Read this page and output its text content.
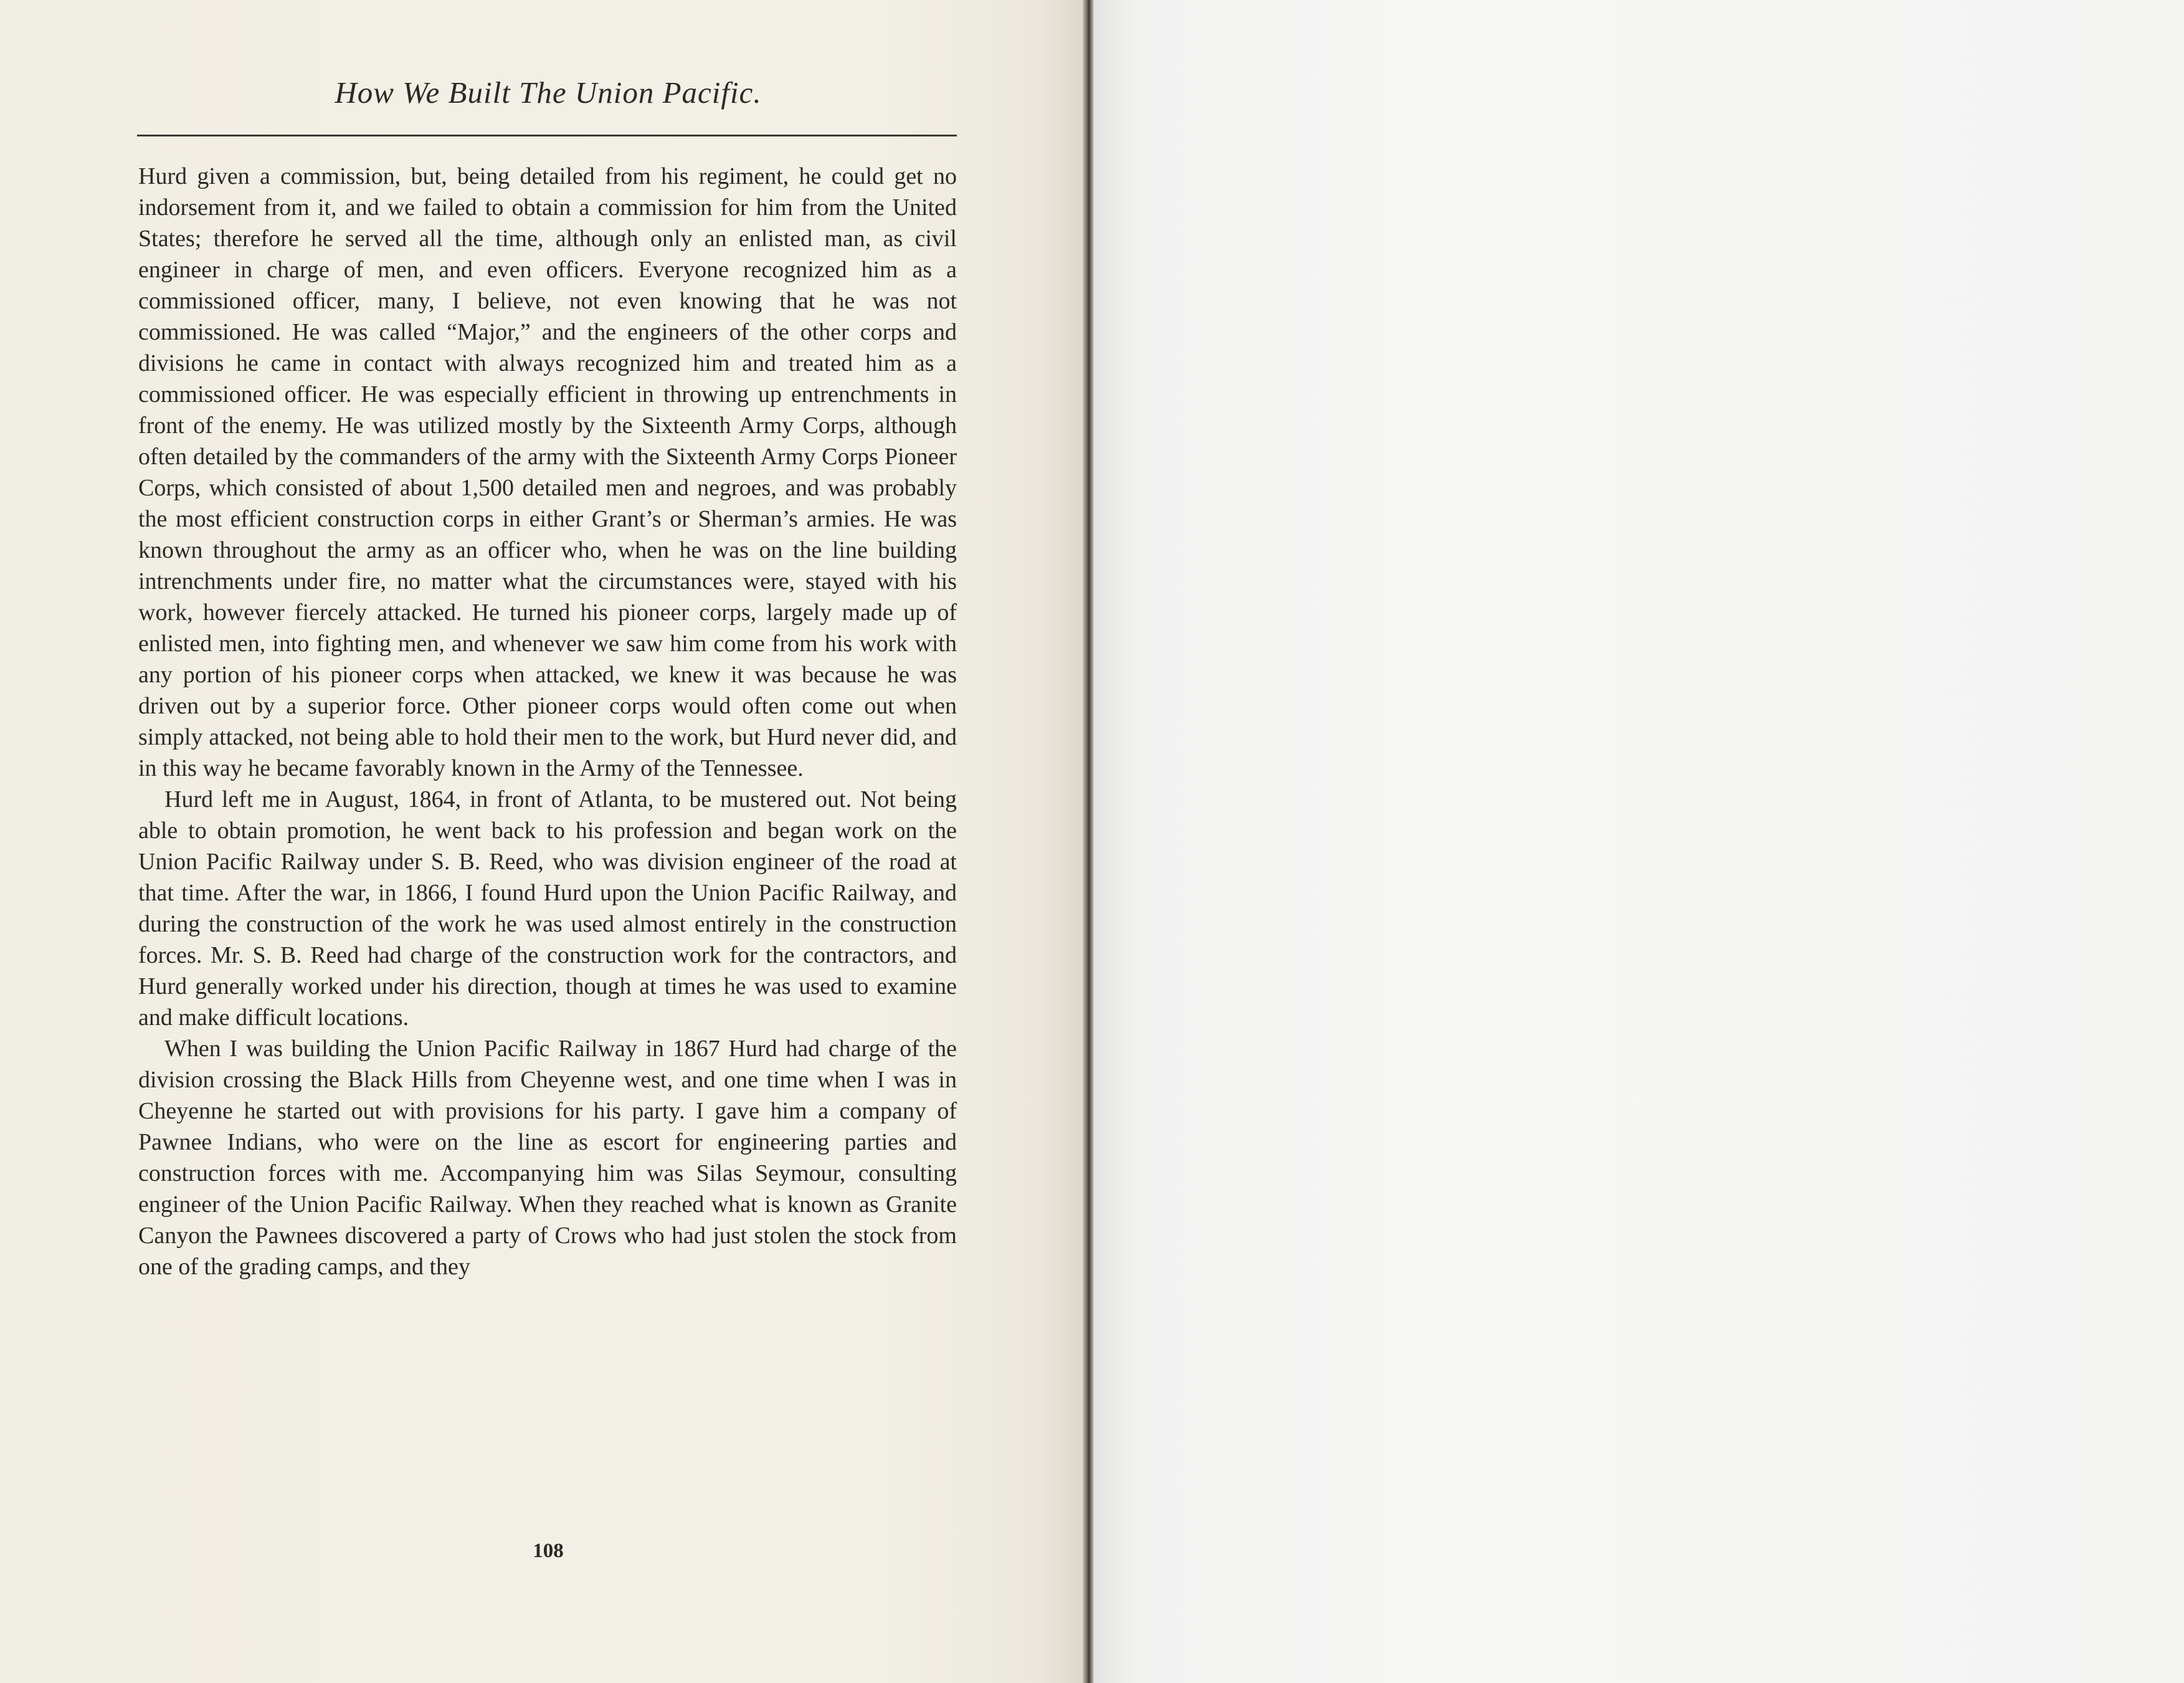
How We Built The Union Pacific.

Hurd given a commission, but, being detailed from his regiment, he could get no indorsement from it, and we failed to obtain a commission for him from the United States; therefore he served all the time, although only an enlisted man, as civil engineer in charge of men, and even officers. Everyone recognized him as a commissioned officer, many, I believe, not even knowing that he was not commissioned. He was called “Major,” and the engineers of the other corps and divisions he came in contact with always recognized him and treated him as a commissioned officer. He was especially efficient in throwing up entrenchments in front of the enemy. He was utilized mostly by the Sixteenth Army Corps, although often detailed by the commanders of the army with the Sixteenth Army Corps Pioneer Corps, which consisted of about 1,500 detailed men and negroes, and was probably the most efficient construction corps in either Grant’s or Sherman’s armies. He was known throughout the army as an officer who, when he was on the line building intrenchments under fire, no matter what the circumstances were, stayed with his work, however fiercely attacked. He turned his pioneer corps, largely made up of enlisted men, into fighting men, and whenever we saw him come from his work with any portion of his pioneer corps when attacked, we knew it was because he was driven out by a superior force. Other pioneer corps would often come out when simply attacked, not being able to hold their men to the work, but Hurd never did, and in this way he became favorably known in the Army of the Tennessee.

Hurd left me in August, 1864, in front of Atlanta, to be mustered out. Not being able to obtain promotion, he went back to his profession and began work on the Union Pacific Railway under S. B. Reed, who was division engineer of the road at that time. After the war, in 1866, I found Hurd upon the Union Pacific Railway, and during the construction of the work he was used almost entirely in the construction forces. Mr. S. B. Reed had charge of the construction work for the contractors, and Hurd generally worked under his direction, though at times he was used to examine and make difficult locations.

When I was building the Union Pacific Railway in 1867 Hurd had charge of the division crossing the Black Hills from Cheyenne west, and one time when I was in Cheyenne he started out with provisions for his party. I gave him a company of Pawnee Indians, who were on the line as escort for engineering parties and construction forces with me. Accompanying him was Silas Seymour, consulting engineer of the Union Pacific Railway. When they reached what is known as Granite Canyon the Pawnees discovered a party of Crows who had just stolen the stock from one of the grading camps, and they

108
